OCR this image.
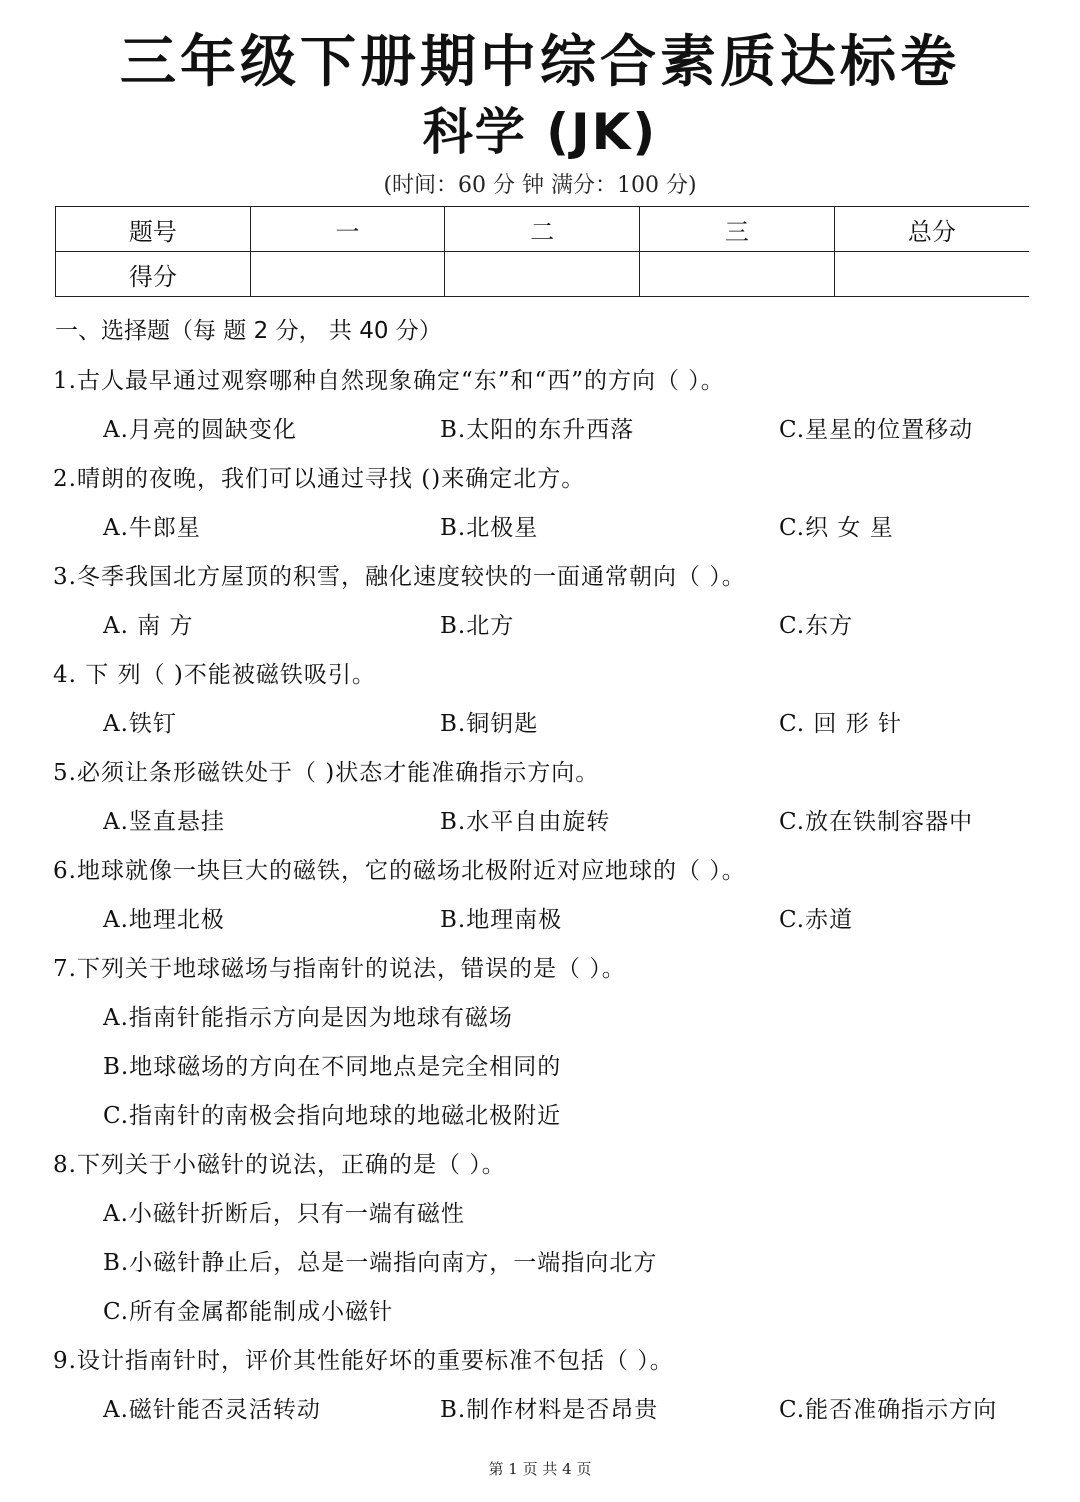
三年级下册期中综合素质达标卷
科学 (JK)
(时间：60 分 钟 满分：100 分)
题号	一	二	三	总分
得分				
一、选择题（每 题 2 分， 共 40 分）
1.古人最早通过观察哪种自然现象确定“东”和“西”的方向（ ）。
A.月亮的圆缺变化	B.太阳的东升西落	C.星星的位置移动
2.晴朗的夜晚，我们可以通过寻找 ()来确定北方。
A.牛郎星	B.北极星	C.织 女 星
3.冬季我国北方屋顶的积雪，融化速度较快的一面通常朝向（ ）。
A. 南 方	B.北方	C.东方
4. 下 列（ )不能被磁铁吸引。
A.铁钉	B.铜钥匙	C. 回 形 针
5.必须让条形磁铁处于（ )状态才能准确指示方向。
A.竖直悬挂	B.水平自由旋转	C.放在铁制容器中
6.地球就像一块巨大的磁铁，它的磁场北极附近对应地球的（ ）。
A.地理北极	B.地理南极	C.赤道
7.下列关于地球磁场与指南针的说法，错误的是（ ）。
A.指南针能指示方向是因为地球有磁场
B.地球磁场的方向在不同地点是完全相同的
C.指南针的南极会指向地球的地磁北极附近
8.下列关于小磁针的说法，正确的是（ ）。
A.小磁针折断后，只有一端有磁性
B.小磁针静止后，总是一端指向南方，一端指向北方
C.所有金属都能制成小磁针
9.设计指南针时，评价其性能好坏的重要标准不包括（ ）。
A.磁针能否灵活转动	B.制作材料是否昂贵	C.能否准确指示方向
第 1 页 共 4 页
